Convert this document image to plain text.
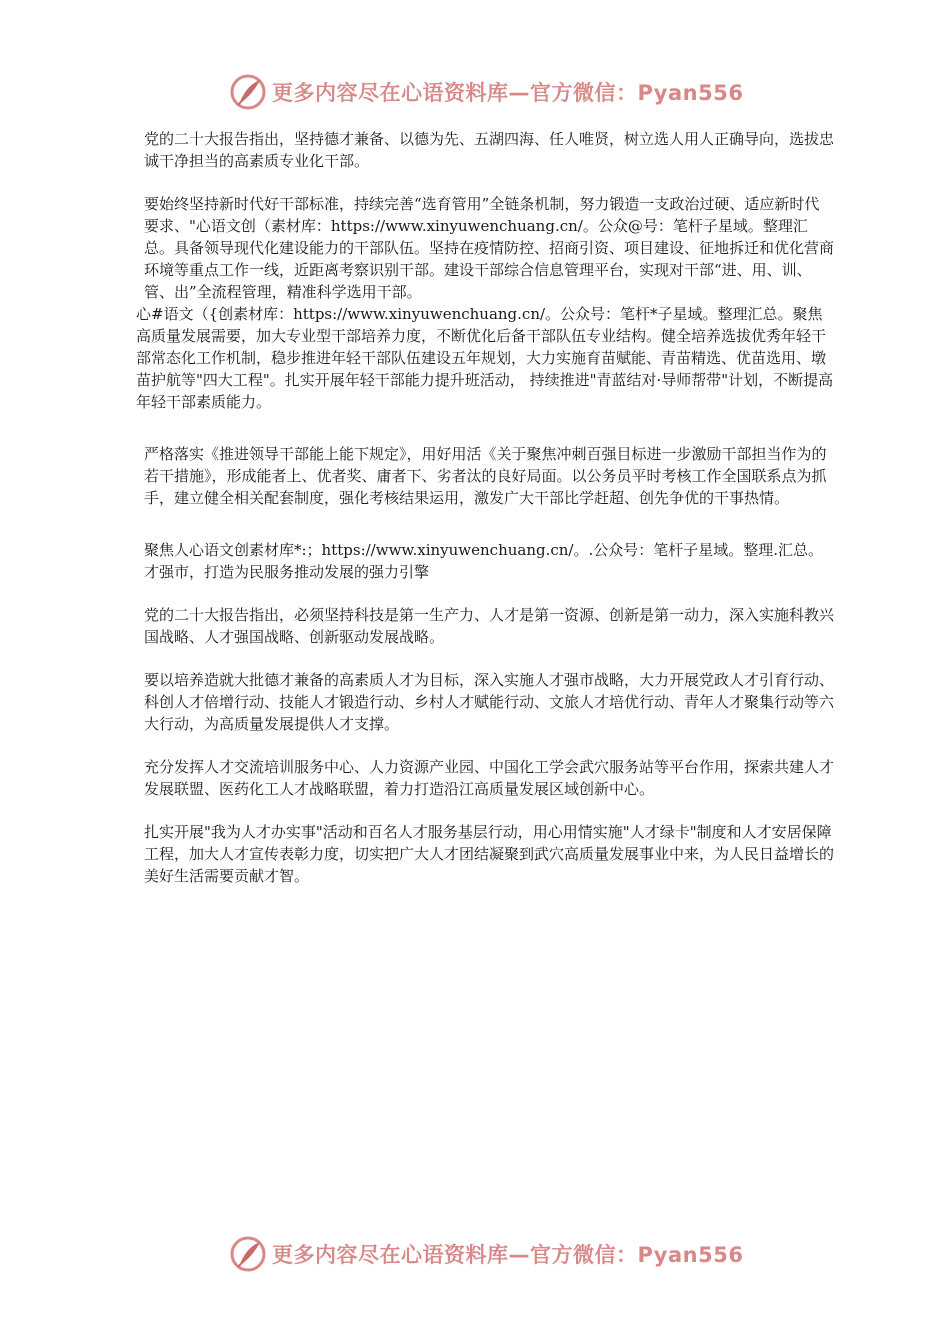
更多内容尽在心语资料库—官方微信：Pyan556

党的二十大报告指出，坚持德才兼备、以德为先、五湖四海、任人唯贤，树立选人用人正确导向，选拔忠诚干净担当的高素质专业化干部。

要始终坚持新时代好干部标准，持续完善“选育管用”全链条机制，努力锻造一支政治过硬、适应新时代要求、"心语文创（素材库：https://www.xinyuwenchuang.cn/。公众@号：笔杆子星域。整理汇总。具备领导现代化建设能力的干部队伍。坚持在疫情防控、招商引资、项目建设、征地拆迁和优化营商环境等重点工作一线，近距离考察识别干部。建设干部综合信息管理平台，实现对干部“进、用、训、管、出”全流程管理，精准科学选用干部。

心#语文（{创素材库：https://www.xinyuwenchuang.cn/。公众号：笔杆*子星域。整理汇总。聚焦高质量发展需要，加大专业型干部培养力度，不断优化后备干部队伍专业结构。健全培养选拔优秀年轻干部常态化工作机制，稳步推进年轻干部队伍建设五年规划，大力实施育苗赋能、青苗精选、优苗选用、墩苗护航等"四大工程"。扎实开展年轻干部能力提升班活动， 持续推进"青蓝结对·导师帮带"计划，不断提高年轻干部素质能力。

严格落实《推进领导干部能上能下规定》，用好用活《关于聚焦冲刺百强目标进一步激励干部担当作为的若干措施》，形成能者上、优者奖、庸者下、劣者汰的良好局面。以公务员平时考核工作全国联系点为抓手，建立健全相关配套制度，强化考核结果运用，激发广大干部比学赶超、创先争优的干事热情。

聚焦人心语文创素材库*:；https://www.xinyuwenchuang.cn/。.公众号：笔杆子星域。整理.汇总。才强市，打造为民服务推动发展的强力引擎

党的二十大报告指出，必须坚持科技是第一生产力、人才是第一资源、创新是第一动力，深入实施科教兴国战略、人才强国战略、创新驱动发展战略。

要以培养造就大批德才兼备的高素质人才为目标，深入实施人才强市战略，大力开展党政人才引育行动、科创人才倍增行动、技能人才锻造行动、乡村人才赋能行动、文旅人才培优行动、青年人才聚集行动等六大行动，为高质量发展提供人才支撑。

充分发挥人才交流培训服务中心、人力资源产业园、中国化工学会武穴服务站等平台作用，探索共建人才发展联盟、医药化工人才战略联盟，着力打造沿江高质量发展区域创新中心。

扎实开展"我为人才办实事"活动和百名人才服务基层行动，用心用情实施"人才绿卡"制度和人才安居保障工程，加大人才宣传表彰力度，切实把广大人才团结凝聚到武穴高质量发展事业中来，为人民日益增长的美好生活需要贡献才智。

更多内容尽在心语资料库—官方微信：Pyan556
